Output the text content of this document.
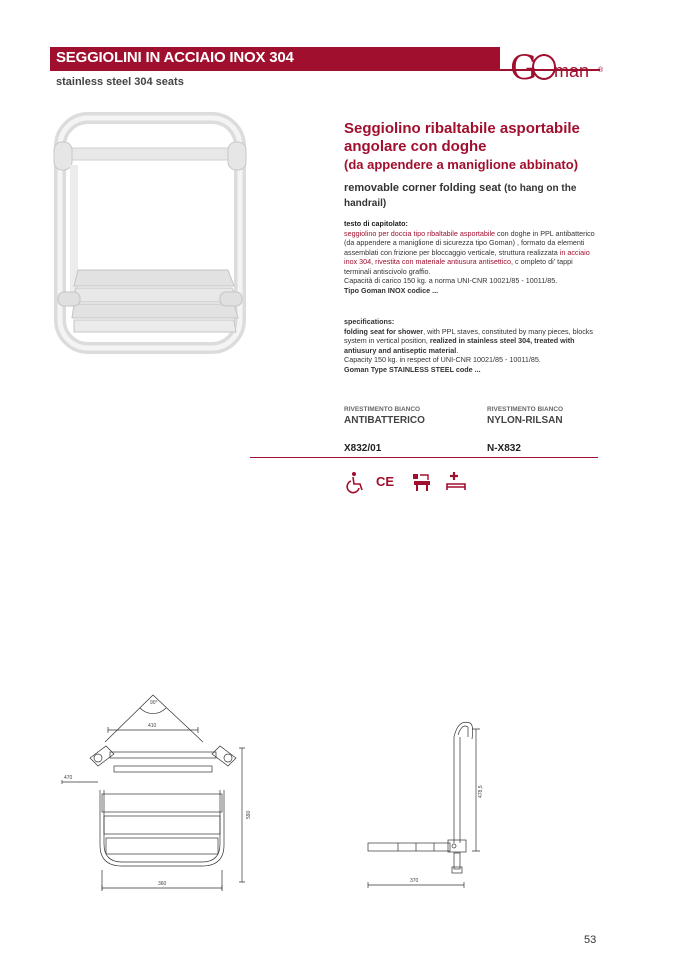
SEGGIOLINI IN ACCIAIO INOX 304
stainless steel 304 seats	G man ®
Seggiolino ribaltabile asportabile
angolare con doghe
(da appendere a maniglione abbinato)
removable corner folding seat (to hang on the handrail)
testo di capitolato:
seggiolino per doccia tipo ribaltabile asportabile con doghe in PPL antibatterico (da appendere a maniglione di sicurezza tipo Goman) , formato da elementi assemblati con frizione per bloccaggio verticale, struttura realizzata in acciaio inox 304, rivestita con materiale antiusura antisettico, c ompleto di' tappi terminali antiscivolo graffio.
Capacità di carico 150 kg. a norma UNI-CNR 10021/85 - 10011/85.
Tipo Goman INOX codice ...
specifications:
folding seat for shower, with PPL staves, constituted by many pieces, blocks system in vertical position, realized in stainless steel 304, treated with antiusury and antiseptic material.
Capacity 150 kg. in respect of UNI-CNR 10021/85 - 10011/85.
Goman Type STAINLESS STEEL code ...
RIVESTIMENTO BIANCO
ANTIBATTERICO
X832/01
RIVESTIMENTO BIANCO
NYLON-RILSAN
N-X832
CE
90°
410
470
590
360
478,5
370
53
